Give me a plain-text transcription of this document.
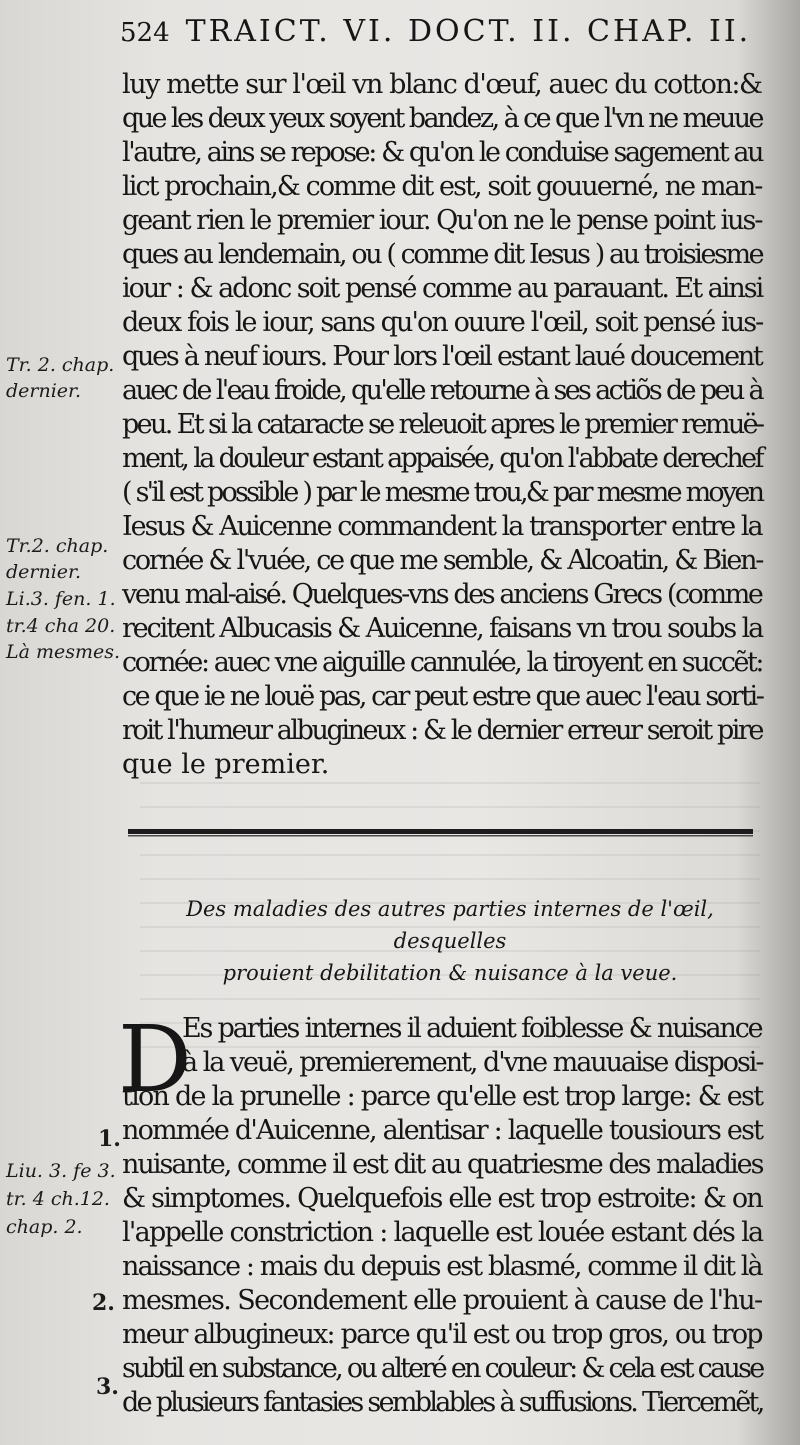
524 TRAICT. VI. DOCT. II. CHAP. II.
luy mette sur l'œil vn blanc d'œuf, auec du cotton:&
que les deux yeux soyent bandez, à ce que l'vn ne meuue
l'autre, ains se repose: & qu'on le conduise sagement au
lict prochain,& comme dit est, soit gouuerné, ne man-
geant rien le premier iour. Qu'on ne le pense point ius-
ques au lendemain, ou ( comme dit Iesus ) au troisiesme
iour : & adonc soit pensé comme au parauant. Et ainsi
deux fois le iour, sans qu'on ouure l'œil, soit pensé ius-
ques à neuf iours. Pour lors l'œil estant laué doucement
auec de l'eau froide, qu'elle retourne à ses actiõs de peu à
peu. Et si la cataracte se releuoit apres le premier remuë-
ment, la douleur estant appaisée, qu'on l'abbate derechef
( s'il est possible ) par le mesme trou,& par mesme moyen
Iesus & Auicenne commandent la transporter entre la
cornée & l'vuée, ce que me semble, & Alcoatin, & Bien-
venu mal-aisé. Quelques-vns des anciens Grecs (comme
recitent Albucasis & Auicenne, faisans vn trou soubs la
cornée: auec vne aiguille cannulée, la tiroyent en succẽt:
ce que ie ne louë pas, car peut estre que auec l'eau sorti-
roit l'humeur albugineux : & le dernier erreur seroit pire
que le premier.
Tr. 2. chap.
dernier.
Tr.2. chap.
dernier.
Li.3. fen. 1.
tr.4 cha 20.
Là mesmes.
Des maladies des autres parties internes de l'œil, desquelles
prouient debilitation & nuisance à la veue.
D
Es parties internes il aduient foiblesse & nuisance
à la veuë, premierement, d'vne mauuaise disposi-
tion de la prunelle : parce qu'elle est trop large: & est
nommée d'Auicenne, alentisar : laquelle tousiours est
nuisante, comme il est dit au quatriesme des maladies
& simptomes. Quelquefois elle est trop estroite: & on
l'appelle constriction : laquelle est louée estant dés la
naissance : mais du depuis est blasmé, comme il dit là
mesmes. Secondement elle prouient à cause de l'hu-
meur albugineux: parce qu'il est ou trop gros, ou trop
subtil en substance, ou alteré en couleur: & cela est cause
de plusieurs fantasies semblables à suffusions. Tiercemẽt,
Liu. 3. fe 3.
tr. 4 ch.12.
chap. 2.
1.
2.
3.
